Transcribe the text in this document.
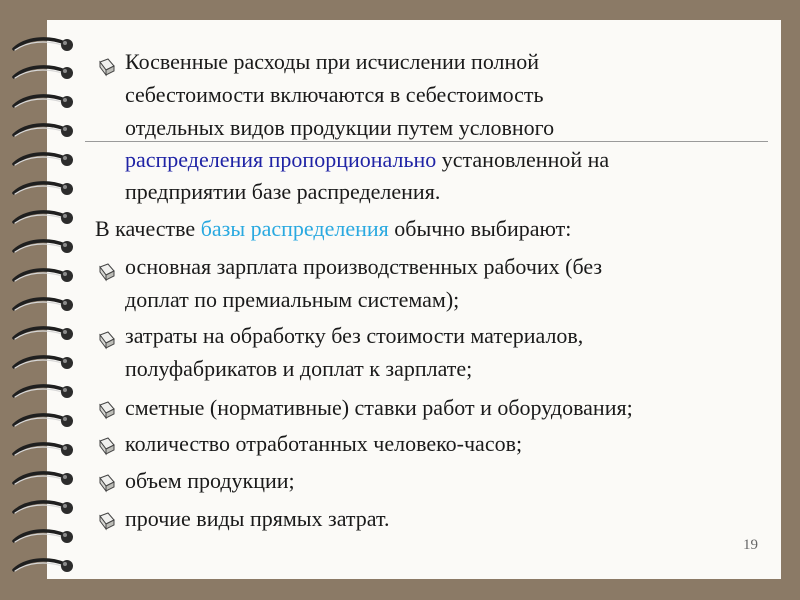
Косвенные расходы при исчислении полной
себестоимости включаются в себестоимость
отдельных видов продукции путем условного
распределения пропорционально установленной на
предприятии базе распределения.
В качестве базы распределения обычно выбирают:
основная зарплата производственных рабочих (без
доплат по премиальным системам);
затраты на обработку без стоимости материалов,
полуфабрикатов и доплат к зарплате;
сметные (нормативные) ставки работ и оборудования;
количество отработанных человеко-часов;
объем продукции;
прочие виды прямых затрат.
19
